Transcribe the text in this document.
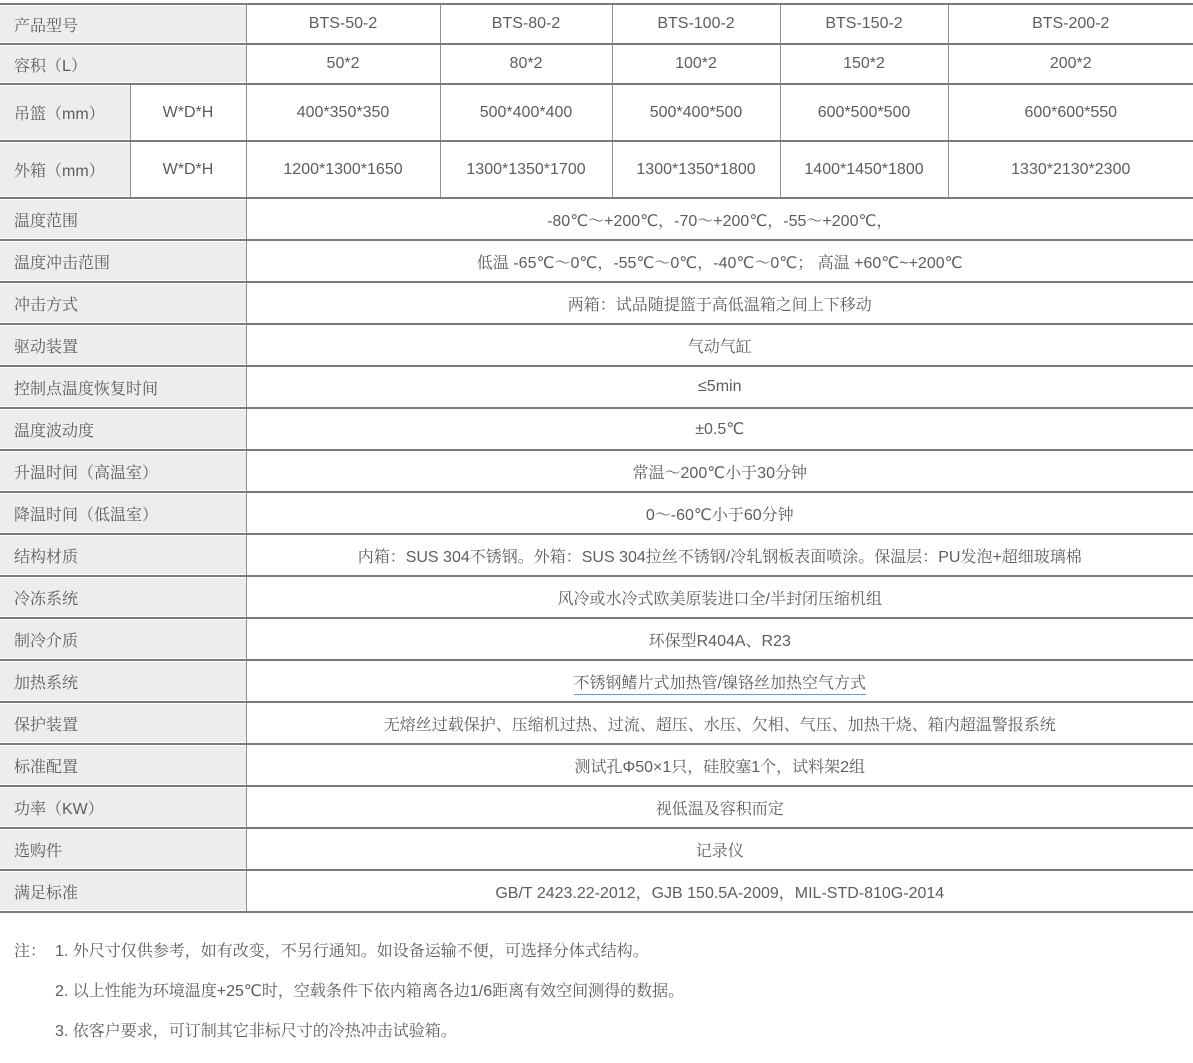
产品型号		BTS-50-2	BTS-80-2	BTS-100-2	BTS-150-2	BTS-200-2
容积（L）		50*2	80*2	100*2	150*2	200*2
吊篮（mm）	W*D*H	400*350*350	500*400*400	500*400*500	600*500*500	600*600*550
外箱（mm）	W*D*H	1200*1300*1650	1300*1350*1700	1300*1350*1800	1400*1450*1800	1330*2130*2300
温度范围		-80℃～+200℃，-70～+200℃，-55～+200℃，				
温度冲击范围		低温 -65℃～0℃，-55℃～0℃，-40℃～0℃； 高温 +60℃~+200℃				
冲击方式		两箱：试品随提篮于高低温箱之间上下移动				
驱动装置		气动气缸				
控制点温度恢复时间		≤5min				
温度波动度		±0.5℃				
升温时间（高温室）		常温～200℃小于30分钟				
降温时间（低温室）		0～-60℃小于60分钟				
结构材质		内箱：SUS 304不锈钢。外箱：SUS 304拉丝不锈钢/冷轧钢板表面喷涂。保温层：PU发泡+超细玻璃棉				
冷冻系统		风冷或水冷式欧美原装进口全/半封闭压缩机组				
制冷介质		环保型R404A、R23				
加热系统		不锈钢鳍片式加热管/镍铬丝加热空气方式				
保护装置		无熔丝过载保护、压缩机过热、过流、超压、水压、欠相、气压、加热干烧、箱内超温警报系统				
标准配置		测试孔Φ50×1只，硅胶塞1个，试料架2组				
功率（KW）		视低温及容积而定				
选购件		记录仪				
满足标准		GB/T 2423.22-2012，GJB 150.5A-2009，MIL-STD-810G-2014				

注： 1. 外尺寸仅供参考，如有改变，不另行通知。如设备运输不便，可选择分体式结构。

2. 以上性能为环境温度+25℃时，空载条件下依内箱离各边1/6距离有效空间测得的数据。

3. 依客户要求，可订制其它非标尺寸的冷热冲击试验箱。
